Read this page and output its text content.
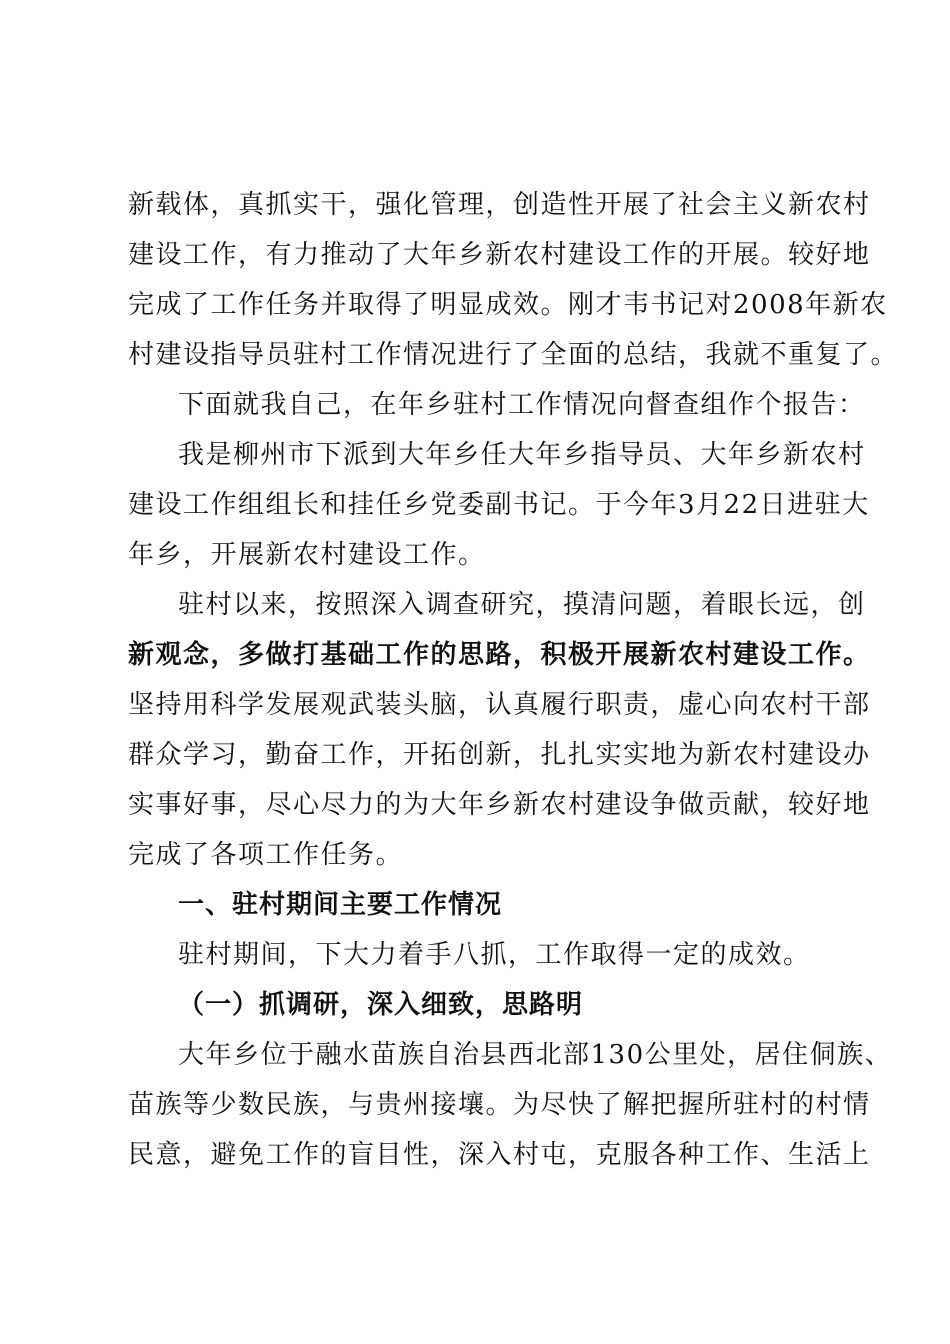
新载体，真抓实干，强化管理，创造性开展了社会主义新农村
建设工作，有力推动了大年乡新农村建设工作的开展。较好地
完成了工作任务并取得了明显成效。刚才韦书记对2008年新农
村建设指导员驻村工作情况进行了全面的总结，我就不重复了。
下面就我自己，在年乡驻村工作情况向督查组作个报告：
我是柳州市下派到大年乡任大年乡指导员、大年乡新农村
建设工作组组长和挂任乡党委副书记。于今年3月22日进驻大
年乡，开展新农村建设工作。
驻村以来，按照深入调查研究，摸清问题，着眼长远，创
新观念，多做打基础工作的思路，积极开展新农村建设工作。
坚持用科学发展观武装头脑，认真履行职责，虚心向农村干部
群众学习，勤奋工作，开拓创新，扎扎实实地为新农村建设办
实事好事，尽心尽力的为大年乡新农村建设争做贡献，较好地
完成了各项工作任务。
一、驻村期间主要工作情况
驻村期间，下大力着手八抓，工作取得一定的成效。
（一）抓调研，深入细致，思路明
大年乡位于融水苗族自治县西北部130公里处，居住侗族、
苗族等少数民族，与贵州接壤。为尽快了解把握所驻村的村情
民意，避免工作的盲目性，深入村屯，克服各种工作、生活上
